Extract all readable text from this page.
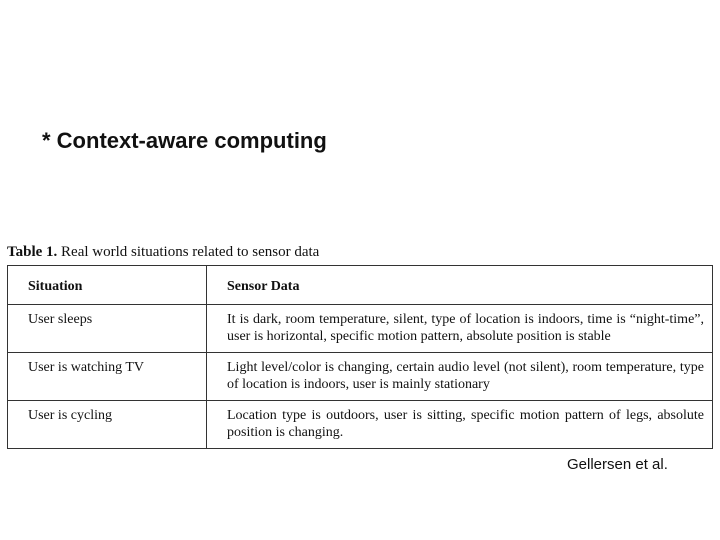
* Context-aware computing
Table 1. Real world situations related to sensor data
Situation	Sensor Data
User sleeps	It is dark, room temperature, silent, type of location is indoors, time is “night-time”, user is horizontal, specific motion pattern, absolute position is stable
User is watching TV	Light level/color is changing, certain audio level (not silent), room temperature, type of location is indoors, user is mainly stationary
User is cycling	Location type is outdoors, user is sitting, specific motion pattern of legs, absolute position is changing.
Gellersen et al.
